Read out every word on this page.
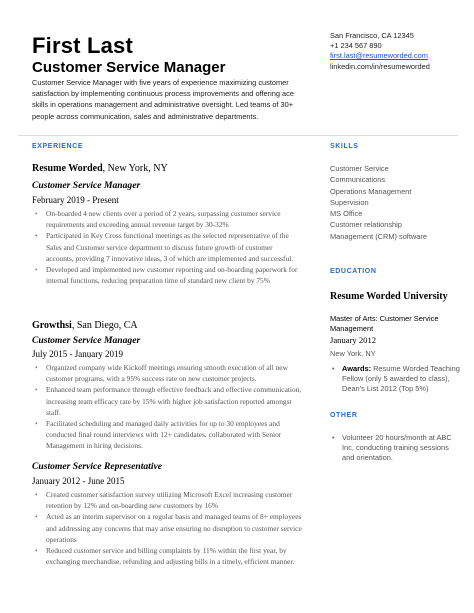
First Last
Customer Service Manager
Customer Service Manager with five years of experience maximizing customer satisfaction by implementing continuous process improvements and offering ace skills in operations management and administrative oversight. Led teams of 30+ people across communication, sales and administrative departments.
San Francisco, CA 12345
+1 234 567 890
first.last@resumeworded.com
linkedin.com/in/resumeworded
EXPERIENCE	SKILLS
EDUCATION
OTHER
Resume Worded, New York, NY
Customer Service Manager
February 2019 - Present
• On-boarded 4 new clients over a period of 2 years, surpassing customer service requirements and exceeding annual revenue target by 30-32%
• Participated in Key Cross functional meetings as the selected representative of the Sales and Customer service department to discuss future growth of customer accounts, providing 7 innovative ideas, 3 of which are implemented and successful.
• Developed and implemented new customer reporting and on-boarding paperwork for internal functions, reducing preparation time of standard new client by 75%
Growthsi, San Diego, CA
Customer Service Manager
July 2015 - January 2019
• Organized company wide Kickoff meetings ensuring smooth execution of all new customer programs, with a 95% success rate on new customer projects.
• Enhanced team performance through effective feedback and effective communication, increasing team efficacy rate by 15% with higher job satisfaction reported amongst staff.
• Facilitated scheduling and managed daily activities for up to 30 employees and conducted final round interviews with 12+ candidates, collaborated with Senior Management in hiring decisions.
Customer Service Representative
January 2012 - June 2015
• Created customer satisfaction survey utilizing Microsoft Excel increasing customer retention by 12% and on-boarding new customers by 16%
• Acted as an interim supervisor on a regular basis and managed teams of 8+ employees and addressing any concerns that may arise ensuring no disruption to customer service operations
• Reduced customer service and billing complaints by 11% within the first year, by exchanging merchandise, refunding and adjusting bills in a timely, efficient manner.
Customer Service
Communications
Operations Management
Supervision
MS Office
Customer relationship
Management (CRM) software
Resume Worded University
Master of Arts: Customer Service Management
January 2012
New York, NY
• Awards: Resume Worded Teaching Fellow (only 5 awarded to class), Dean's List 2012 (Top 5%)
• Volunteer 20 hours/month at ABC Inc, conducting training sessions and orientation.
